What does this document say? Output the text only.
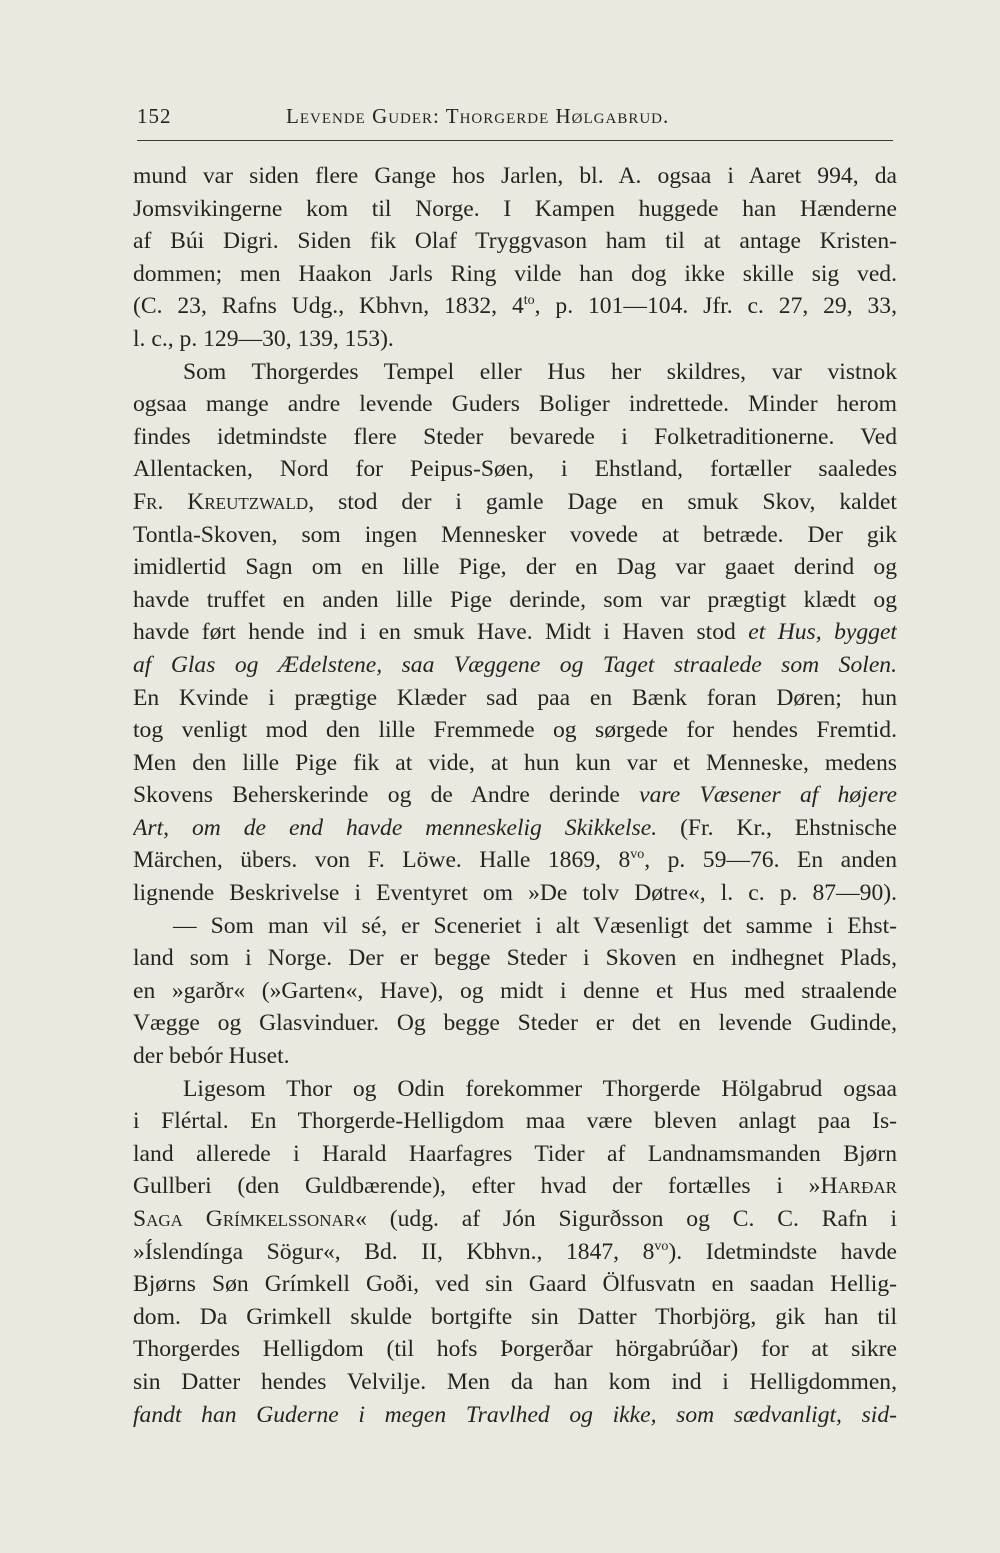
152	Levende Guder: Thorgerde Hølgabrud.
mund var siden flere Gange hos Jarlen, bl. A. ogsaa i Aaret 994, da
Jomsvikingerne kom til Norge. I Kampen huggede han Hænderne
af Búi Digri. Siden fik Olaf Tryggvason ham til at antage Kristen-
dommen; men Haakon Jarls Ring vilde han dog ikke skille sig ved.
(C. 23, Rafns Udg., Kbhvn, 1832, $4^{to}$, p. 101—104. Jfr. c. 27, 29, 33,
l. c., p. 129—30, 139, 153).
Som Thorgerdes Tempel eller Hus her skildres, var vistnok
ogsaa mange andre levende Guders Boliger indrettede. Minder herom
findes idetmindste flere Steder bevarede i Folketraditionerne. Ved
Allentacken, Nord for Peipus-Søen, i Ehstland, fortæller saaledes
Fr. Kreutzwald, stod der i gamle Dage en smuk Skov, kaldet
Tontla-Skoven, som ingen Mennesker vovede at betræde. Der gik
imidlertid Sagn om en lille Pige, der en Dag var gaaet derind og
havde truffet en anden lille Pige derinde, som var prægtigt klædt og
havde ført hende ind i en smuk Have. Midt i Haven stod et Hus, bygget
af Glas og Ædelstene, saa Væggene og Taget straalede som Solen.
En Kvinde i prægtige Klæder sad paa en Bænk foran Døren; hun
tog venligt mod den lille Fremmede og sørgede for hendes Fremtid.
Men den lille Pige fik at vide, at hun kun var et Menneske, medens
Skovens Beherskerinde og de Andre derinde vare Væsener af højere
Art, om de end havde menneskelig Skikkelse. (Fr. Kr., Ehstnische
Märchen, übers. von F. Löwe. Halle 1869, $8^{vo}$, p. 59—76. En anden
lignende Beskrivelse i Eventyret om »De tolv Døtre«, l. c. p. 87—90).
— Som man vil sé, er Sceneriet i alt Væsenligt det samme i Ehst-
land som i Norge. Der er begge Steder i Skoven en indhegnet Plads,
en »garðr« (»Garten«, Have), og midt i denne et Hus med straalende
Vægge og Glasvinduer. Og begge Steder er det en levende Gudinde,
der bebór Huset.
Ligesom Thor og Odin forekommer Thorgerde Hölgabrud ogsaa
i Flértal. En Thorgerde-Helligdom maa være bleven anlagt paa Is-
land allerede i Harald Haarfagres Tider af Landnamsmanden Bjørn
Gullberi (den Guldbærende), efter hvad der fortælles i »Harðar
Saga Grímkelssonar« (udg. af Jón Sigurðsson og C. C. Rafn i
»Íslendínga Sögur«, Bd. II, Kbhvn., 1847, $8^{vo}$). Idetmindste havde
Bjørns Søn Grímkell Goði, ved sin Gaard Ölfusvatn en saadan Hellig-
dom. Da Grimkell skulde bortgifte sin Datter Thorbjörg, gik han til
Thorgerdes Helligdom (til hofs Þorgerðar hörgabrúðar) for at sikre
sin Datter hendes Velvilje. Men da han kom ind i Helligdommen,
fandt han Guderne i megen Travlhed og ikke, som sædvanligt, sid-
